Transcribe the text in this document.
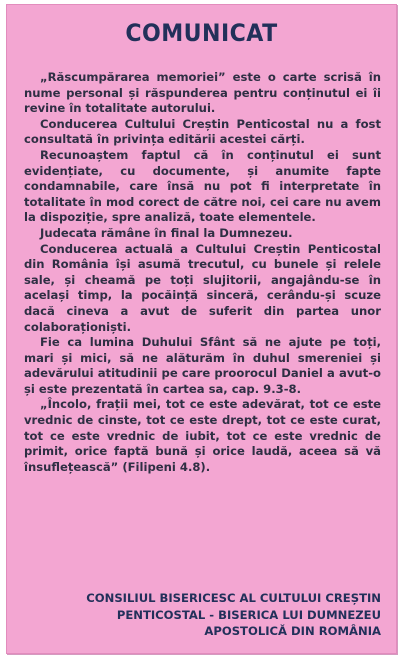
COMUNICAT

„Răscumpărarea memoriei” este o carte scrisă în nume personal și răspunderea pentru conținutul ei îi revine în totalitate autorului.

Conducerea Cultului Creștin Penticostal nu a fost consultată în privința editării acestei cărți.

Recunoaștem faptul că în conținutul ei sunt evidențiate, cu documente, și anumite fapte condamnabile, care însă nu pot fi interpretate în totalitate în mod corect de către noi, cei care nu avem la dispoziție, spre analiză, toate elementele.

Judecata rămâne în final la Dumnezeu.

Conducerea actuală a Cultului Creștin Penticostal din România își asumă trecutul, cu bunele și relele sale, și cheamă pe toți slujitorii, angajându-se în același timp, la pocăință sinceră, cerându-și scuze dacă cineva a avut de suferit din partea unor colaboraționiști.

Fie ca lumina Duhului Sfânt să ne ajute pe toți, mari și mici, să ne alăturăm în duhul smereniei și adevărului atitudinii pe care proorocul Daniel a avut-o și este prezentată în cartea sa, cap. 9.3-8.

„Încolo, frații mei, tot ce este adevărat, tot ce este vrednic de cinste, tot ce este drept, tot ce este curat, tot ce este vrednic de iubit, tot ce este vrednic de primit, orice faptă bună și orice laudă, aceea să vă însuflețească” (Filipeni 4.8).

CONSILIUL BISERICESC AL CULTULUI CREȘTIN
PENTICOSTAL - BISERICA LUI DUMNEZEU
APOSTOLICĂ DIN ROMÂNIA
